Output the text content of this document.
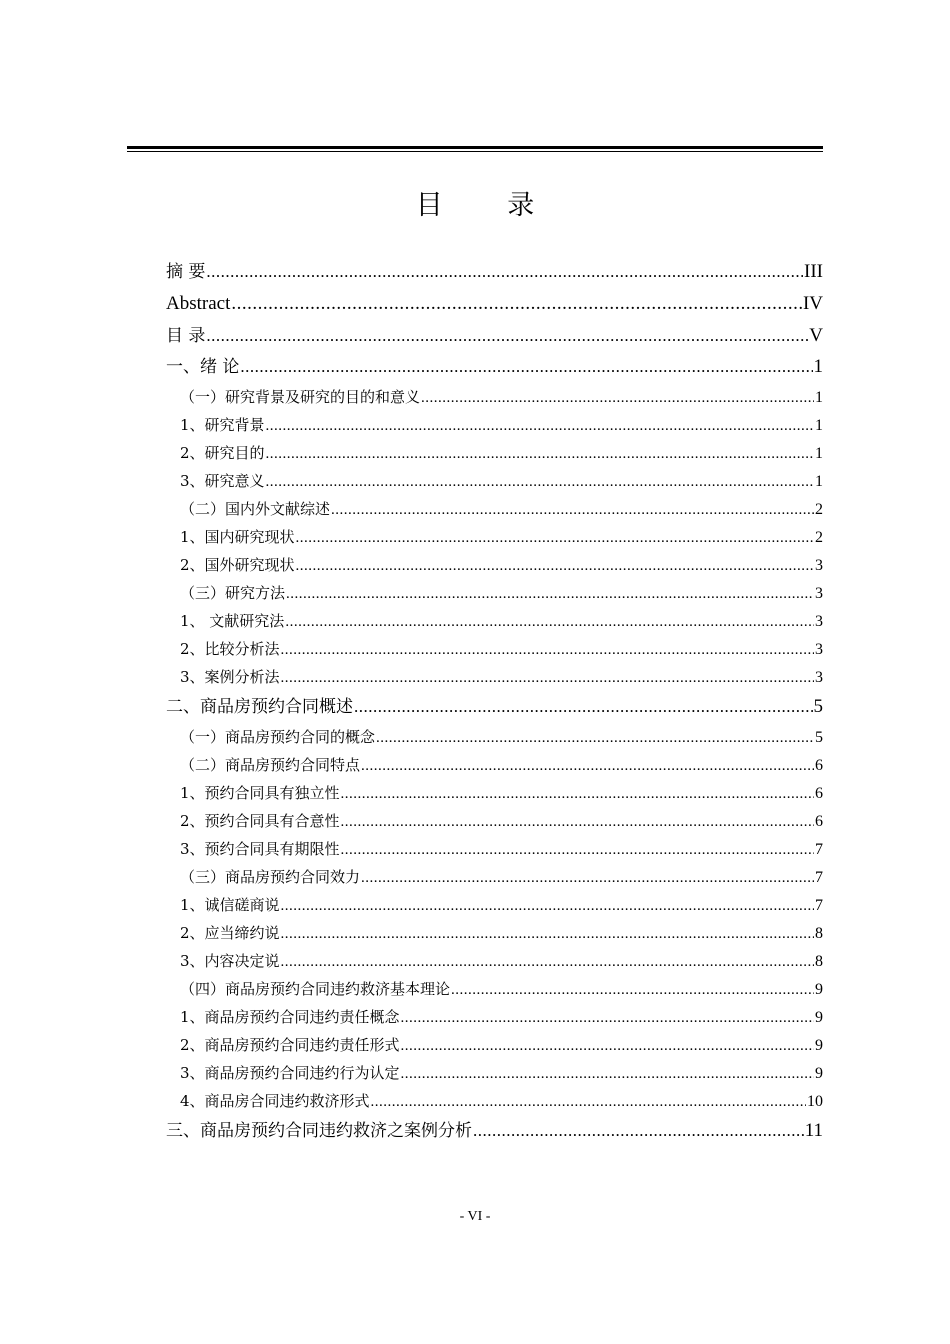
目 录
摘 要 .....	III
Abstract .....	IV
目 录 .....	V
一、绪 论 .....	1
（一）研究背景及研究的目的和意义 .....	1
1、研究背景 .....	1
2、研究目的 .....	1
3、研究意义 .....	1
（二）国内外文献综述 .....	2
1、国内研究现状 .....	2
2、国外研究现状 .....	3
（三）研究方法 .....	3
1、 文献研究法 .....	3
2、比较分析法 .....	3
3、案例分析法 .....	3
二、商品房预约合同概述 .....	5
（一）商品房预约合同的概念 .....	5
（二）商品房预约合同特点 .....	6
1、预约合同具有独立性 .....	6
2、预约合同具有合意性 .....	6
3、预约合同具有期限性 .....	7
（三）商品房预约合同效力 .....	7
1、诚信磋商说 .....	7
2、应当缔约说 .....	8
3、内容决定说 .....	8
（四）商品房预约合同违约救济基本理论 .....	9
1、商品房预约合同违约责任概念 .....	9
2、商品房预约合同违约责任形式 .....	9
3、商品房预约合同违约行为认定 .....	9
4、商品房合同违约救济形式 .....	10
三、商品房预约合同违约救济之案例分析 .....	11
- VI -
